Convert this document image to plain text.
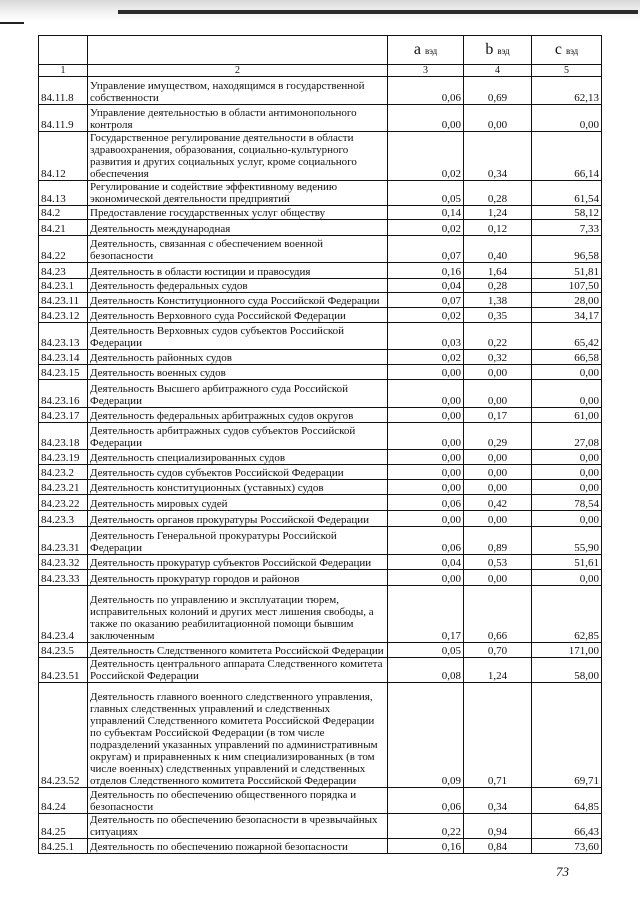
		a вэд	b вэд	c вэд
1	2	3	4	5
84.11.8	Управление имуществом, находящимся в государственной собственности	0,06	0,69	62,13
84.11.9	Управление деятельностью в области антимонопольного контроля	0,00	0,00	0,00
84.12	Государственное регулирование деятельности в области здравоохранения, образования, социально-культурного развития и других социальных услуг, кроме социального обеспечения	0,02	0,34	66,14
84.13	Регулирование и содействие эффективному ведению экономической деятельности предприятий	0,05	0,28	61,54
84.2	Предоставление государственных услуг обществу	0,14	1,24	58,12
84.21	Деятельность международная	0,02	0,12	7,33
84.22	Деятельность, связанная с обеспечением военной безопасности	0,07	0,40	96,58
84.23	Деятельность в области юстиции и правосудия	0,16	1,64	51,81
84.23.1	Деятельность федеральных судов	0,04	0,28	107,50
84.23.11	Деятельность Конституционного суда Российской Федерации	0,07	1,38	28,00
84.23.12	Деятельность Верховного суда Российской Федерации	0,02	0,35	34,17
84.23.13	Деятельность Верховных судов субъектов Российской Федерации	0,03	0,22	65,42
84.23.14	Деятельность районных судов	0,02	0,32	66,58
84.23.15	Деятельность военных судов	0,00	0,00	0,00
84.23.16	Деятельность Высшего арбитражного суда Российской Федерации	0,00	0,00	0,00
84.23.17	Деятельность федеральных арбитражных судов округов	0,00	0,17	61,00
84.23.18	Деятельность арбитражных судов субъектов Российской Федерации	0,00	0,29	27,08
84.23.19	Деятельность специализированных судов	0,00	0,00	0,00
84.23.2	Деятельность судов субъектов Российской Федерации	0,00	0,00	0,00
84.23.21	Деятельность конституционных (уставных) судов	0,00	0,00	0,00
84.23.22	Деятельность мировых судей	0,06	0,42	78,54
84.23.3	Деятельность органов прокуратуры Российской Федерации	0,00	0,00	0,00
84.23.31	Деятельность Генеральной прокуратуры Российской Федерации	0,06	0,89	55,90
84.23.32	Деятельность прокуратур субъектов Российской Федерации	0,04	0,53	51,61
84.23.33	Деятельность прокуратур городов и районов	0,00	0,00	0,00
84.23.4	Деятельность по управлению и эксплуатации тюрем, исправительных колоний и других мест лишения свободы, а также по оказанию реабилитационной помощи бывшим заключенным	0,17	0,66	62,85
84.23.5	Деятельность Следственного комитета Российской Федерации	0,05	0,70	171,00
84.23.51	Деятельность центрального аппарата Следственного комитета Российской Федерации	0,08	1,24	58,00
84.23.52	Деятельность главного военного следственного управления, главных следственных управлений и следственных управлений Следственного комитета Российской Федерации по субъектам Российской Федерации (в том числе подразделений указанных управлений по административным округам) и приравненных к ним специализированных (в том числе военных) следственных управлений и следственных отделов Следственного комитета Российской Федерации	0,09	0,71	69,71
84.24	Деятельность по обеспечению общественного порядка и безопасности	0,06	0,34	64,85
84.25	Деятельность по обеспечению безопасности в чрезвычайных ситуациях	0,22	0,94	66,43
84.25.1	Деятельность по обеспечению пожарной безопасности	0,16	0,84	73,60
73
